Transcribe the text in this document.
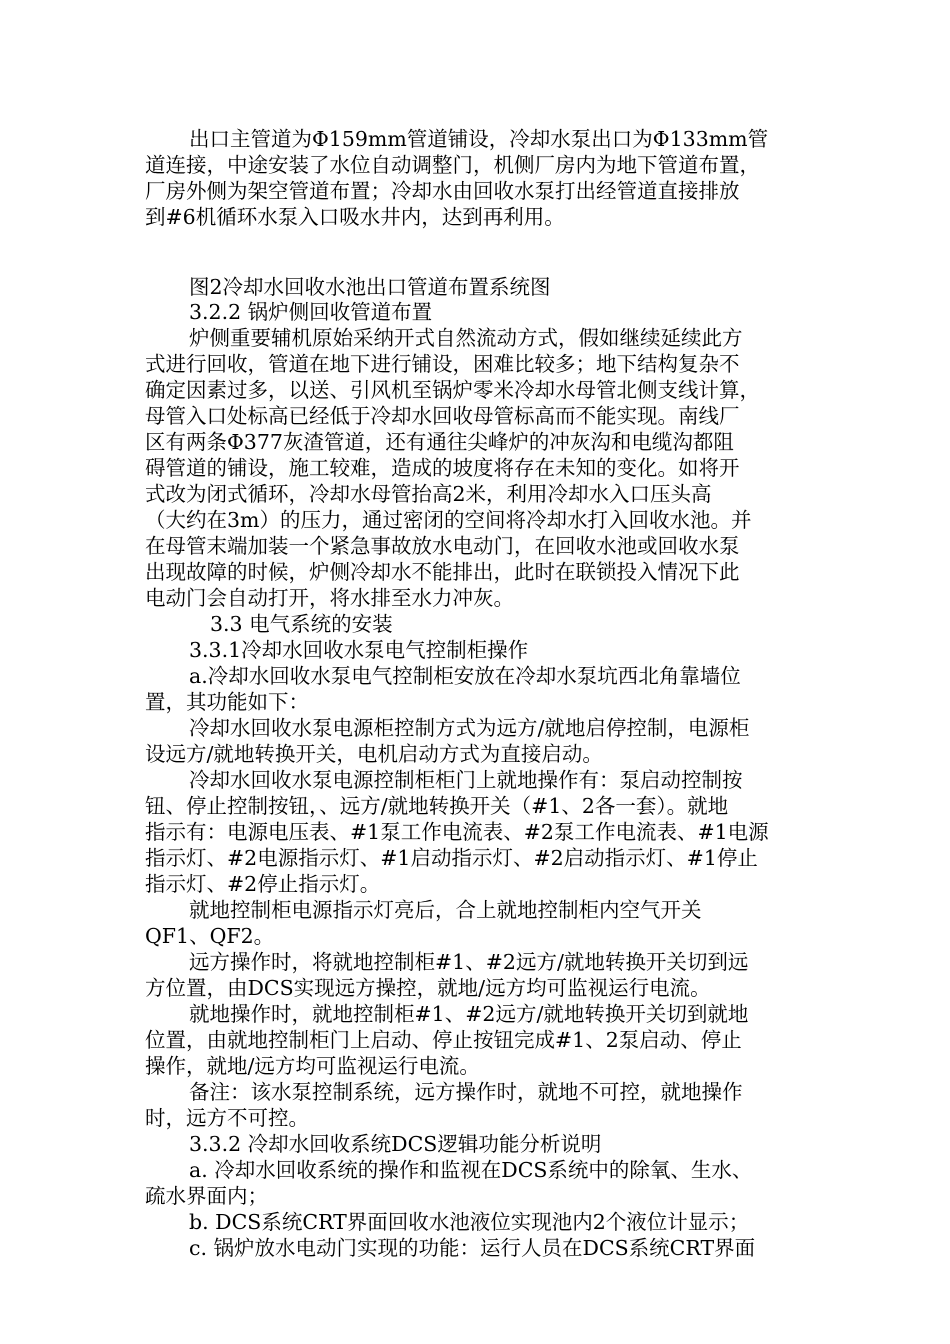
出口主管道为Φ159mm管道铺设，冷却水泵出口为Φ133mm管
道连接，中途安装了水位自动调整门，机侧厂房内为地下管道布置，
厂房外侧为架空管道布置；冷却水由回收水泵打出经管道直接排放
到#6机循环水泵入口吸水井内，达到再利用。
图2冷却水回收水池出口管道布置系统图
3.2.2 锅炉侧回收管道布置
炉侧重要辅机原始采纳开式自然流动方式，假如继续延续此方
式进行回收，管道在地下进行铺设，困难比较多；地下结构复杂不
确定因素过多，以送、引风机至锅炉零米冷却水母管北侧支线计算，
母管入口处标高已经低于冷却水回收母管标高而不能实现。南线厂
区有两条Φ377灰渣管道，还有通往尖峰炉的冲灰沟和电缆沟都阻
碍管道的铺设，施工较难，造成的坡度将存在未知的变化。如将开
式改为闭式循环，冷却水母管抬高2米，利用冷却水入口压头高
（大约在3m）的压力，通过密闭的空间将冷却水打入回收水池。并
在母管末端加装一个紧急事故放水电动门，在回收水池或回收水泵
出现故障的时候，炉侧冷却水不能排出，此时在联锁投入情况下此
电动门会自动打开，将水排至水力冲灰。
3.3 电气系统的安装
3.3.1冷却水回收水泵电气控制柜操作
a.冷却水回收水泵电气控制柜安放在冷却水泵坑西北角靠墙位
置，其功能如下：
冷却水回收水泵电源柜控制方式为远方/就地启停控制，电源柜
设远方/就地转换开关，电机启动方式为直接启动。
冷却水回收水泵电源控制柜柜门上就地操作有：泵启动控制按
钮、停止控制按钮，、远方/就地转换开关（#1、2各一套）。就地
指示有：电源电压表、#1泵工作电流表、#2泵工作电流表、#1电源
指示灯、#2电源指示灯、#1启动指示灯、#2启动指示灯、#1停止
指示灯、#2停止指示灯。
就地控制柜电源指示灯亮后，合上就地控制柜内空气开关
QF1、QF2。
远方操作时，将就地控制柜#1、#2远方/就地转换开关切到远
方位置，由DCS实现远方操控，就地/远方均可监视运行电流。
就地操作时，就地控制柜#1、#2远方/就地转换开关切到就地
位置，由就地控制柜门上启动、停止按钮完成#1、2泵启动、停止
操作，就地/远方均可监视运行电流。
备注：该水泵控制系统，远方操作时，就地不可控，就地操作
时，远方不可控。
3.3.2 冷却水回收系统DCS逻辑功能分析说明
a. 冷却水回收系统的操作和监视在DCS系统中的除氧、生水、
疏水界面内；
b. DCS系统CRT界面回收水池液位实现池内2个液位计显示；
c. 锅炉放水电动门实现的功能：运行人员在DCS系统CRT界面
